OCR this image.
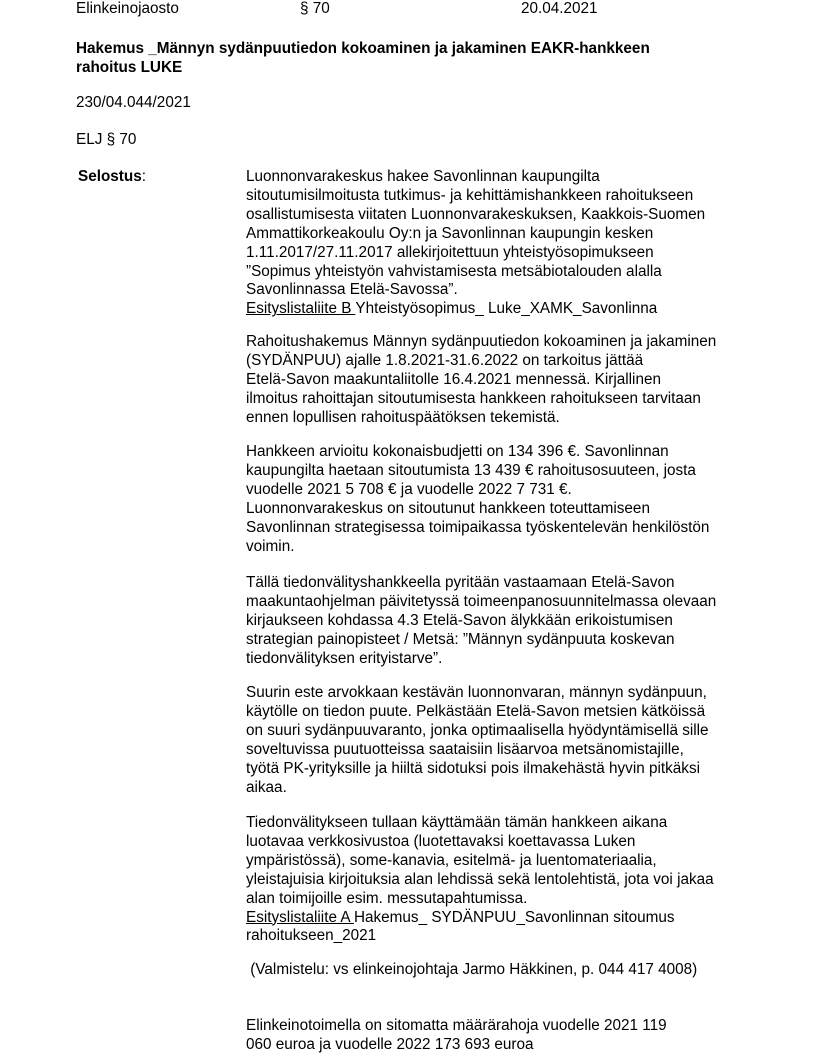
Elinkeinojaosto	§ 70	20.04.2021
Hakemus _Männyn sydänpuutiedon kokoaminen ja jakaminen EAKR-hankkeen
rahoitus LUKE
230/04.044/2021
ELJ § 70
Selostus:	Luonnonvarakeskus hakee Savonlinnan kaupungilta
sitoutumisilmoitusta tutkimus- ja kehittämishankkeen rahoitukseen
osallistumisesta viitaten Luonnonvarakeskuksen, Kaakkois-Suomen
Ammattikorkeakoulu Oy:n ja Savonlinnan kaupungin kesken
1.11.2017/27.11.2017 allekirjoitettuun yhteistyösopimukseen
”Sopimus yhteistyön vahvistamisesta metsäbiotalouden alalla
Savonlinnassa Etelä-Savossa”.
Esityslistaliite B Yhteistyösopimus_ Luke_XAMK_Savonlinna
Rahoitushakemus Männyn sydänpuutiedon kokoaminen ja jakaminen
(SYDÄNPUU) ajalle 1.8.2021-31.6.2022 on tarkoitus jättää
Etelä-Savon maakuntaliitolle 16.4.2021 mennessä. Kirjallinen
ilmoitus rahoittajan sitoutumisesta hankkeen rahoitukseen tarvitaan
ennen lopullisen rahoituspäätöksen tekemistä.
Hankkeen arvioitu kokonaisbudjetti on 134 396 €. Savonlinnan
kaupungilta haetaan sitoutumista 13 439 € rahoitusosuuteen, josta
vuodelle 2021 5 708 € ja vuodelle 2022 7 731 €.
Luonnonvarakeskus on sitoutunut hankkeen toteuttamiseen
Savonlinnan strategisessa toimipaikassa työskentelevän henkilöstön
voimin.
Tällä tiedonvälityshankkeella pyritään vastaamaan Etelä-Savon
maakuntaohjelman päivitetyssä toimeenpanosuunnitelmassa olevaan
kirjaukseen kohdassa 4.3 Etelä-Savon älykkään erikoistumisen
strategian painopisteet / Metsä: ”Männyn sydänpuuta koskevan
tiedonvälityksen erityistarve”.
Suurin este arvokkaan kestävän luonnonvaran, männyn sydänpuun,
käytölle on tiedon puute. Pelkästään Etelä-Savon metsien kätköissä
on suuri sydänpuuvaranto, jonka optimaalisella hyödyntämisellä sille
soveltuvissa puutuotteissa saataisiin lisäarvoa metsänomistajille,
työtä PK-yrityksille ja hiiltä sidotuksi pois ilmakehästä hyvin pitkäksi
aikaa.
Tiedonvälitykseen tullaan käyttämään tämän hankkeen aikana
luotavaa verkkosivustoa (luotettavaksi koettavassa Luken
ympäristössä), some-kanavia, esitelmä- ja luentomateriaalia,
yleistajuisia kirjoituksia alan lehdissä sekä lentolehtistä, jota voi jakaa
alan toimijoille esim. messutapahtumissa.
Esityslistaliite A Hakemus_ SYDÄNPUU_Savonlinnan sitoumus
rahoitukseen_2021
(Valmistelu: vs elinkeinojohtaja Jarmo Häkkinen, p. 044 417 4008)
Elinkeinotoimella on sitomatta määrärahoja vuodelle 2021 119
060 euroa ja vuodelle 2022 173 693 euroa
